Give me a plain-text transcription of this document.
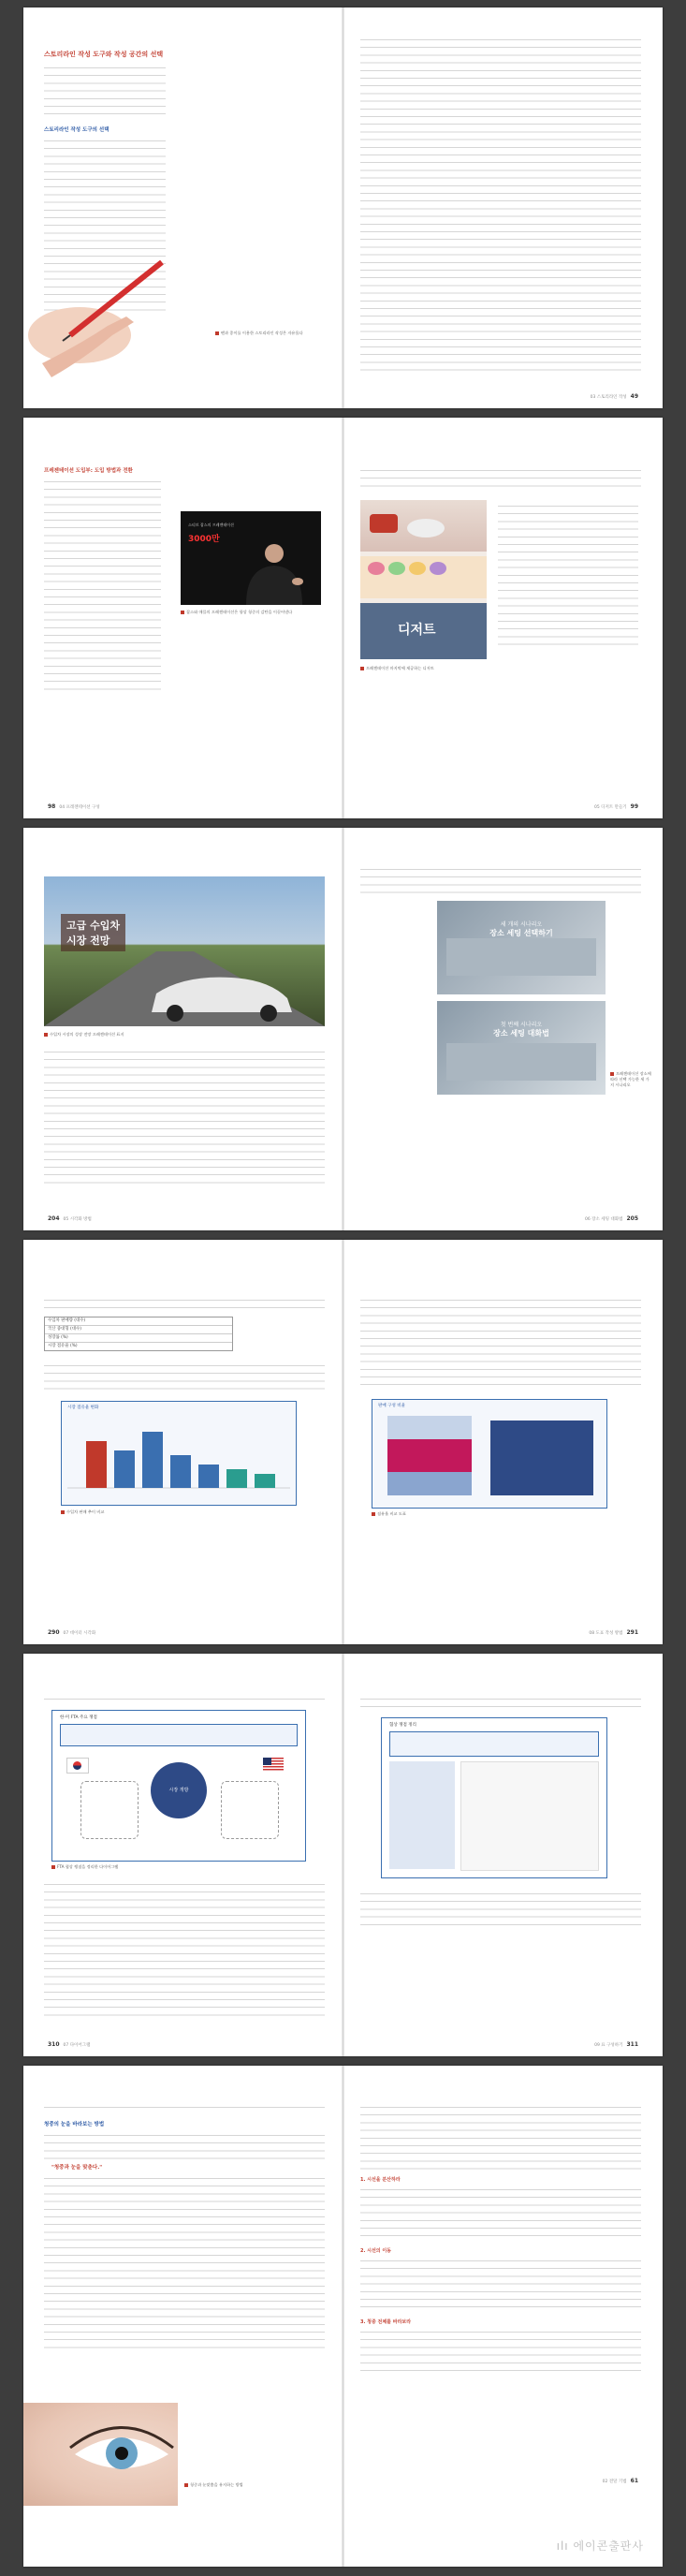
스토리라인 작성 도구와 작성 공간의 선택
스토리라인 작성 도구의 선택
펜과 종이를 이용한 스토리라인 작성은 자유롭다
03 스토리라인 작성 49
프레젠테이션 도입부: 도입 방법과 전환
스티브 잡스의 프레젠테이션
3000만
잡스와 애플의 프레젠테이션은 항상 청중의 감탄을 이끌어낸다
98 04 프레젠테이션 구성
디저트
프레젠테이션 마지막에 제공하는 디저트
05 디저트 만들기 99
고급 수입차
시장 전망
수입차 시장의 성장 전망 프레젠테이션 표지
204 05 시각화 방법
세 개의 시나리오
장소 세팅 선택하기
첫 번째 시나리오
장소 세팅 대화법
프레젠테이션 장소에 따라 선택 가능한 세 가지 시나리오
06 장소 세팅 대화법 205
수입차 판매량 (대수)
국산 중대형 (대수)
성장률 (%)
시장 점유율 (%)
시장 점유율 변화
수입차 판매 추이 비교
290 07 데이터 시각화
판매 구성 비율
점유율 비교 도표
08 도표 작성 방법 291
한·미 FTA 주요 쟁점
시장 개방
FTA 협상 쟁점을 정리한 다이어그램
310 07 다이어그램
협상 쟁점 정리
09 표 구성하기 311
청중의 눈을 바라보는 방법
"청중과 눈을 맞춘다."
청중과 눈맞춤을 유지하는 방법
1. 시선을 분산하라
2. 시선의 이동
3. 청중 전체를 바라보라
02 전달 기법 61
ılı 에이콘출판사
